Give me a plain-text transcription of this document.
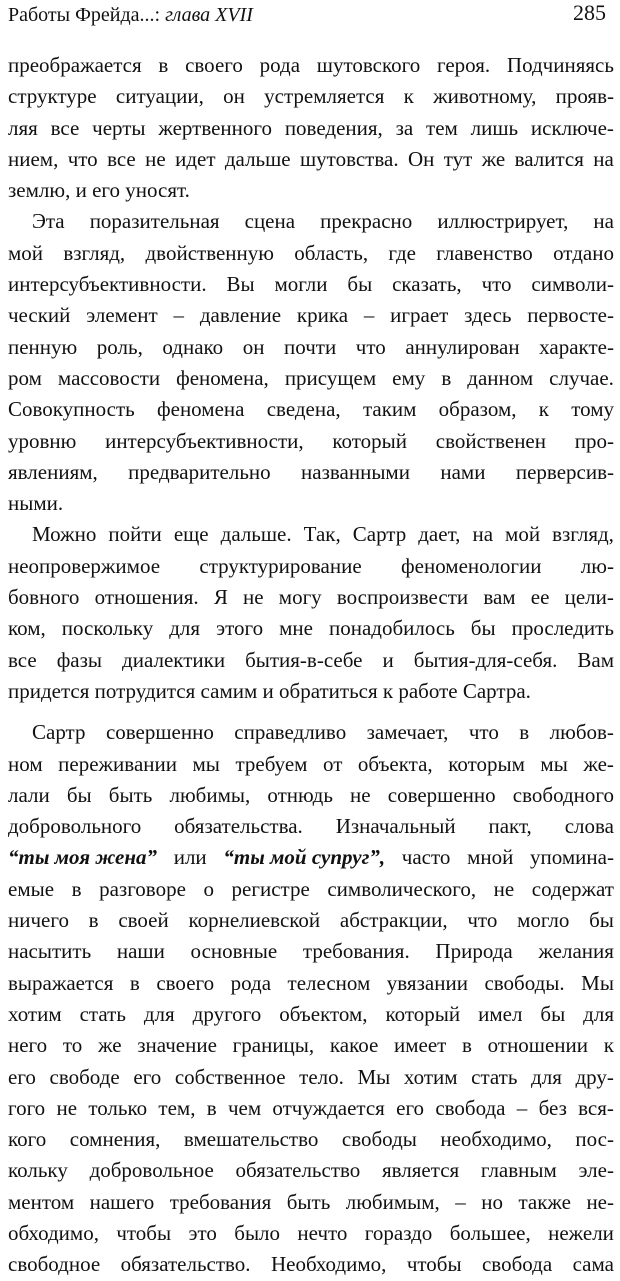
Работы Фрейда...: глава XVII	285
преображается в своего рода шутовского героя. Подчиняясь
структуре ситуации, он устремляется к животному, прояв-
ляя все черты жертвенного поведения, за тем лишь исключе-
нием, что все не идет дальше шутовства. Он тут же валится на
землю,
и
его
уносят.

Эта поразительная сцена прекрасно иллюстрирует, на
мой взгляд, двойственную область, где главенство отдано
интерсубъективности. Вы могли бы сказать, что символи-
ческий элемент – давление крика – играет здесь первосте-
пенную роль, однако он почти что аннулирован характе-
ром массовости феномена, присущем ему в данном случае.
Совокупность феномена сведена, таким образом, к тому
уровню интерсубъективности, который свойственен про-
явлениям, предварительно названными нами перверсив-
ными.

Можно пойти еще дальше. Так, Сартр дает, на мой взгляд,
неопровержимое структурирование феноменологии лю-
бовного отношения. Я не могу воспроизвести вам ее цели-
ком, поскольку для этого мне понадобилось бы проследить
все фазы диалектики бытия-в-себе и бытия-для-себя. Вам
придется
потрудится
самим
и
обратиться
к
работе
Сартра.

Сартр совершенно справедливо замечает, что в любов-
ном переживании мы требуем от объекта, которым мы же-
лали бы быть любимы, отнюдь не совершенно свободного
добровольного обязательства. Изначальный пакт, слова
“ты моя жена” или “ты мой супруг”, часто мной упомина-
емые в разговоре о регистре символического, не содержат
ничего в своей корнелиевской абстракции, что могло бы
насытить наши основные требования. Природа желания
выражается в своего рода телесном увязании свободы. Мы
хотим стать для другого объектом, который имел бы для
него то же значение границы, какое имеет в отношении к
его свободе его собственное тело. Мы хотим стать для дру-
гого не только тем, в чем отчуждается его свобода – без вся-
кого сомнения, вмешательство свободы необходимо, пос-
кольку добровольное обязательство является главным эле-
ментом нашего требования быть любимым, – но также не-
обходимо, чтобы это было нечто гораздо большее, нежели
свободное обязательство. Необходимо, чтобы свобода сама
